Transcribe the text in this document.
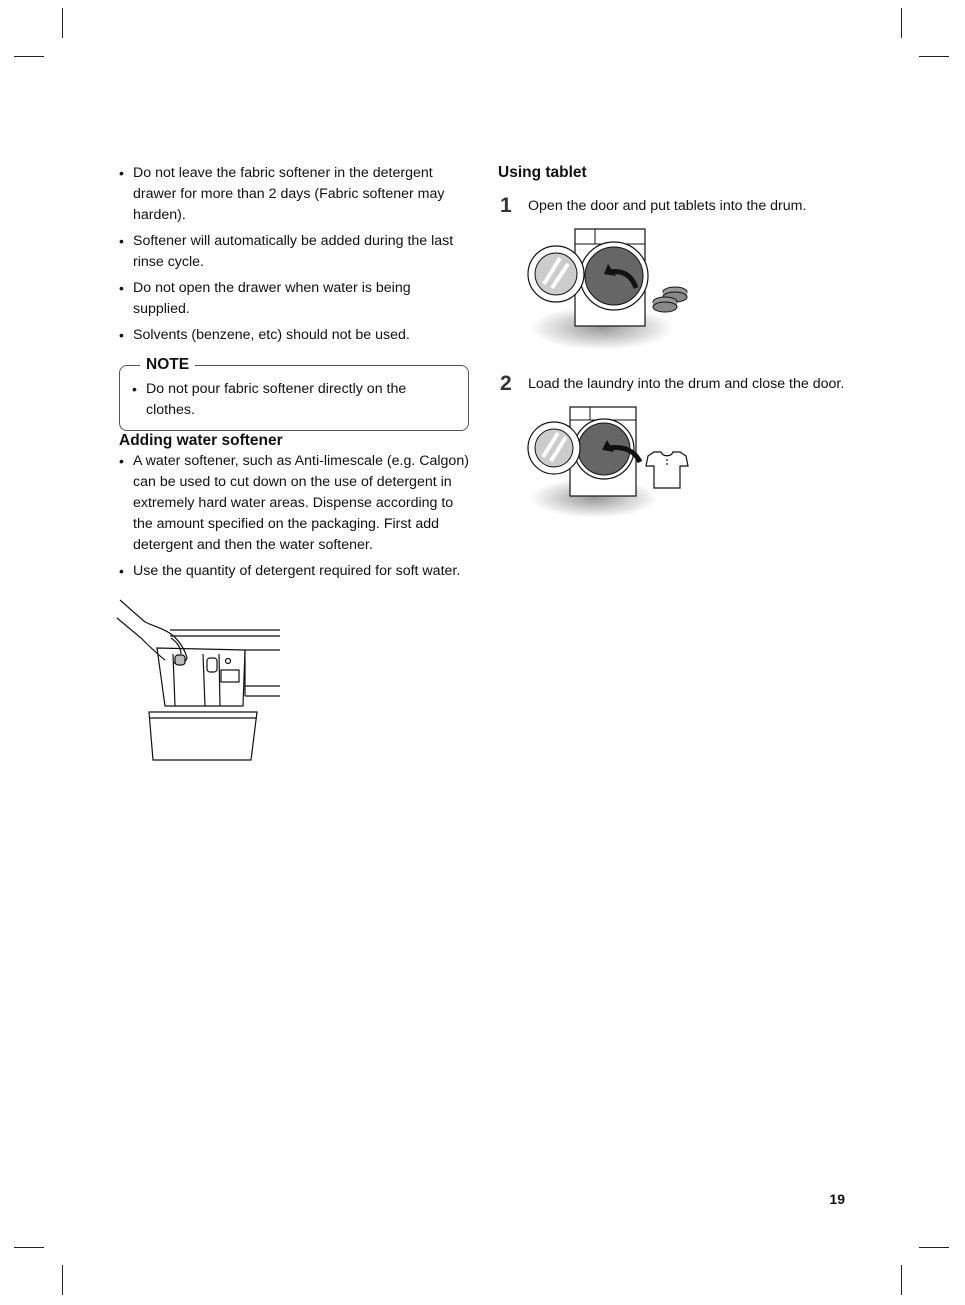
• Do not leave the fabric softener in the detergent drawer for more than 2 days (Fabric softener may harden).
• Softener will automatically be added during the last rinse cycle.
• Do not open the drawer when water is being supplied.
• Solvents (benzene, etc) should not be used.
NOTE
• Do not pour fabric softener directly on the clothes.
Adding water softener
• A water softener, such as Anti-limescale (e.g. Calgon) can be used to cut down on the use of detergent in extremely hard water areas. Dispense according to the amount specified on the packaging. First add detergent and then the water softener.
• Use the quantity of detergent required for soft water.
Using tablet
1 Open the door and put tablets into the drum.
2 Load the laundry into the drum and close the door.
19
